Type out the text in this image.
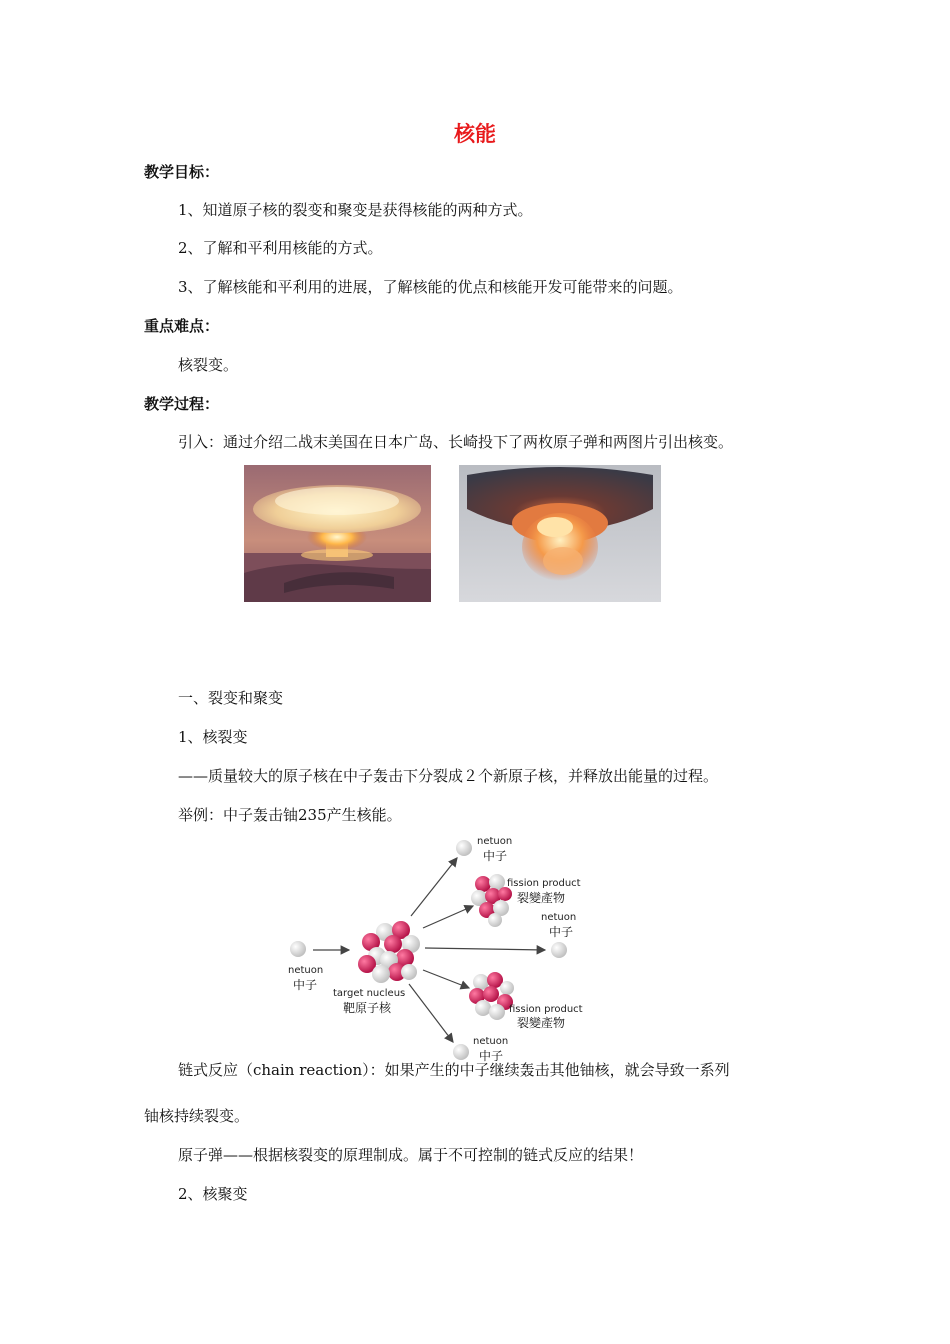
核能
教学目标：
1、知道原子核的裂变和聚变是获得核能的两种方式。
2、了解和平利用核能的方式。
3、了解核能和平利用的进展，了解核能的优点和核能开发可能带来的问题。
重点难点：
核裂变。
教学过程：
引入：通过介绍二战末美国在日本广岛、长崎投下了两枚原子弹和两图片引出核变。
一、裂变和聚变
1、核裂变
——质量较大的原子核在中子轰击下分裂成２个新原子核，并释放出能量的过程。
举例：中子轰击铀235产生核能。
netuon
中子
target nucleus
靶原子核
netuon
中子
fission product
裂變產物
netuon
中子
fission product
裂變產物
netuon
中子
链式反应（chain reaction）：如果产生的中子继续轰击其他铀核，就会导致一系列
铀核持续裂变。
原子弹——根据核裂变的原理制成。属于不可控制的链式反应的结果！
2、核聚变
